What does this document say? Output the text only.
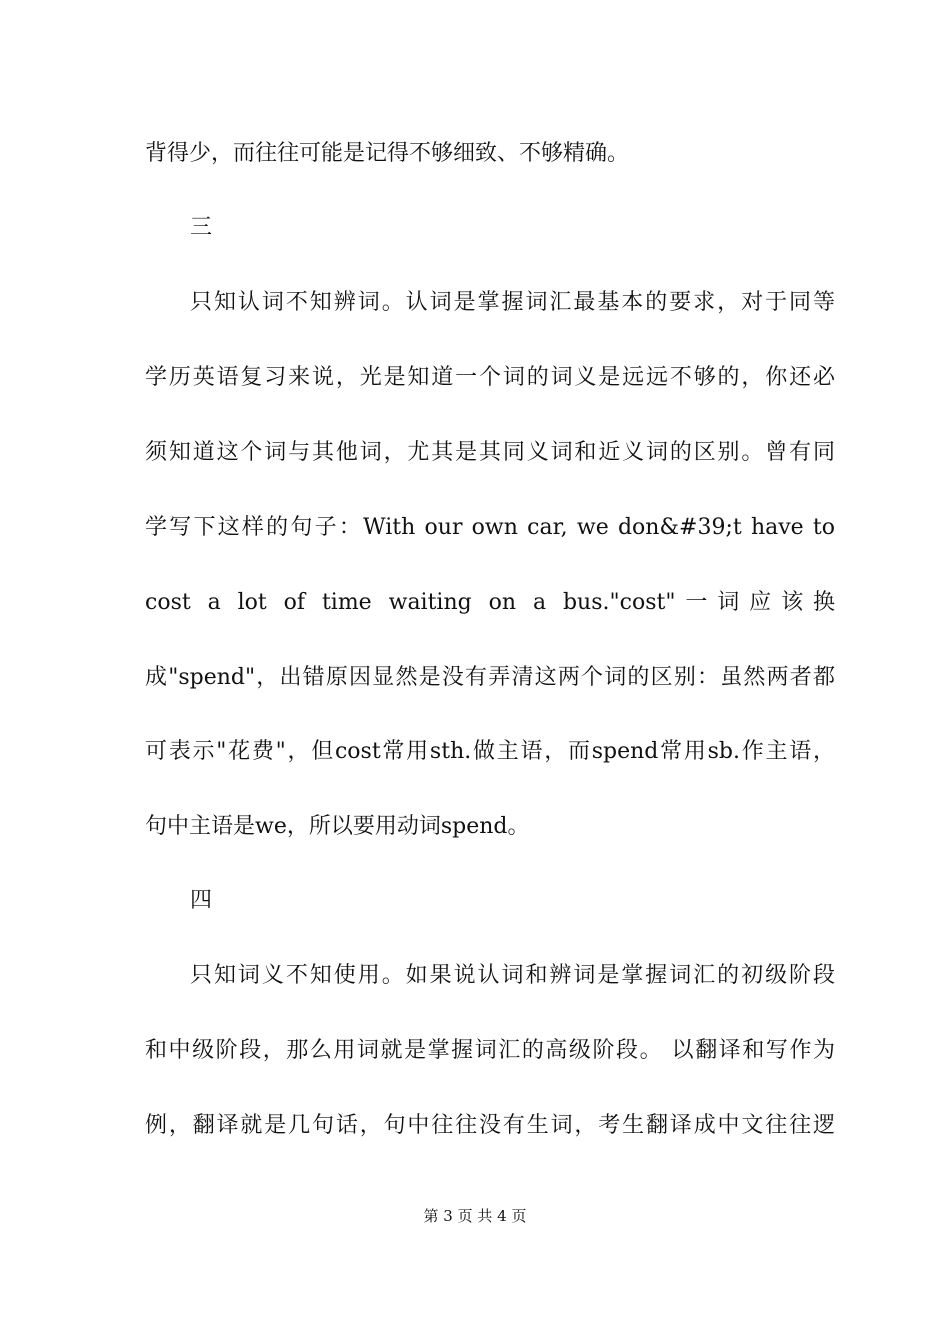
背得少，而往往可能是记得不够细致、不够精确。
三
只知认词不知辨词。认词是掌握词汇最基本的要求，对于同等
学历英语复习来说，光是知道一个词的词义是远远不够的，你还必
须知道这个词与其他词，尤其是其同义词和近义词的区别。曾有同
学写下这样的句子：With our own car, we don&#39;t have to
cost a lot of time waiting on a bus."cost"一词应该换
成"spend"，出错原因显然是没有弄清这两个词的区别：虽然两者都
可表示"花费"，但cost常用sth.做主语，而spend常用sb.作主语，
句中主语是we，所以要用动词spend。
四
只知词义不知使用。如果说认词和辨词是掌握词汇的初级阶段
和中级阶段，那么用词就是掌握词汇的高级阶段。 以翻译和写作为
例，翻译就是几句话，句中往往没有生词，考生翻译成中文往往逻
第 3 页 共 4 页
